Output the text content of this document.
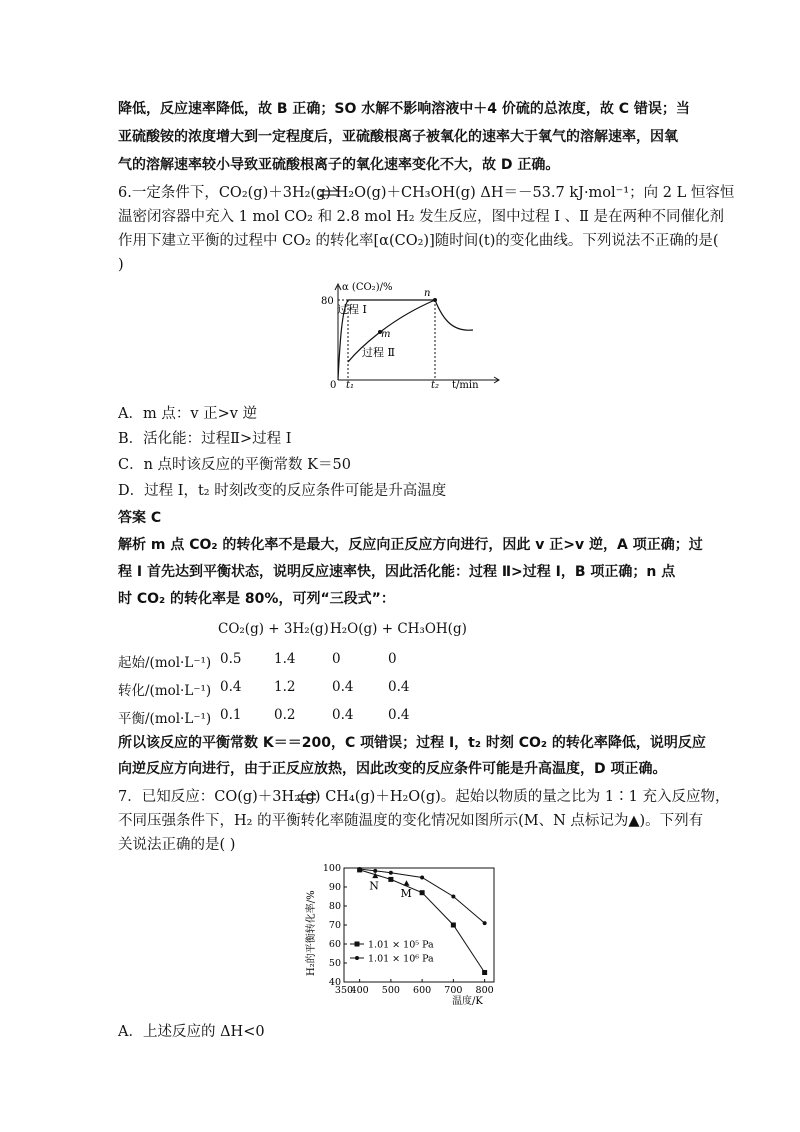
降低，反应速率降低，故 B 正确；SO 水解不影响溶液中＋4 价硫的总浓度，故 C 错误；当
亚硫酸铵的浓度增大到一定程度后，亚硫酸根离子被氧化的速率大于氧气的溶解速率，因氧
气的溶解速率较小导致亚硫酸根离子的氧化速率变化不大，故 D 正确。
6.一定条件下，CO₂(g)＋3H₂(g) H₂O(g)＋CH₃OH(g) ΔH＝－53.7 kJ·mol⁻¹；向 2 L 恒容恒
温密闭容器中充入 1 mol CO₂ 和 2.8 mol H₂ 发生反应，图中过程 Ⅰ 、Ⅱ 是在两种不同催化剂
作用下建立平衡的过程中 CO₂ 的转化率[α(CO₂)]随时间(t)的变化曲线。下列说法不正确的是(
)
α (CO₂)/%
80
0 t₁	t₂ t/min
n
m
过程 Ⅰ
过程 Ⅱ
A．m 点：v 正>v 逆
B．活化能：过程Ⅱ>过程 Ⅰ
C．n 点时该反应的平衡常数 K＝50
D．过程 Ⅰ，t₂ 时刻改变的反应条件可能是升高温度
答案 C
解析 m 点 CO₂ 的转化率不是最大，反应向正反应方向进行，因此 v 正>v 逆，A 项正确；过
程 Ⅰ 首先达到平衡状态，说明反应速率快，因此活化能：过程 Ⅱ>过程 Ⅰ，B 项正确；n 点
时 CO₂ 的转化率是 80%，可列“三段式”：
CO₂(g) + 3H₂(g) H₂O(g) + CH₃OH(g)
起始/(mol·L⁻¹) 0.5 1.4	0	0
转化/(mol·L⁻¹) 0.4 1.2	0.4	0.4
平衡/(mol·L⁻¹) 0.1 0.2	0.4	0.4
所以该反应的平衡常数 K＝＝200，C 项错误；过程 Ⅰ，t₂ 时刻 CO₂ 的转化率降低，说明反应
向逆反应方向进行，由于正反应放热，因此改变的反应条件可能是升高温度，D 项正确。
7．已知反应：CO(g)＋3H₂(g) CH₄(g)＋H₂O(g)。起始以物质的量之比为 1∶1 充入反应物，
不同压强条件下，H₂ 的平衡转化率随温度的变化情况如图所示(M、N 点标记为▲)。下列有
关说法正确的是( )
40
50
60
70
80
90
100
350
400 500 600 700 800
N
M
1.01 × 10⁵ Pa
1.01 × 10⁶ Pa
H₂的平衡转化率/%
温度/K
A．上述反应的 ΔH<0
